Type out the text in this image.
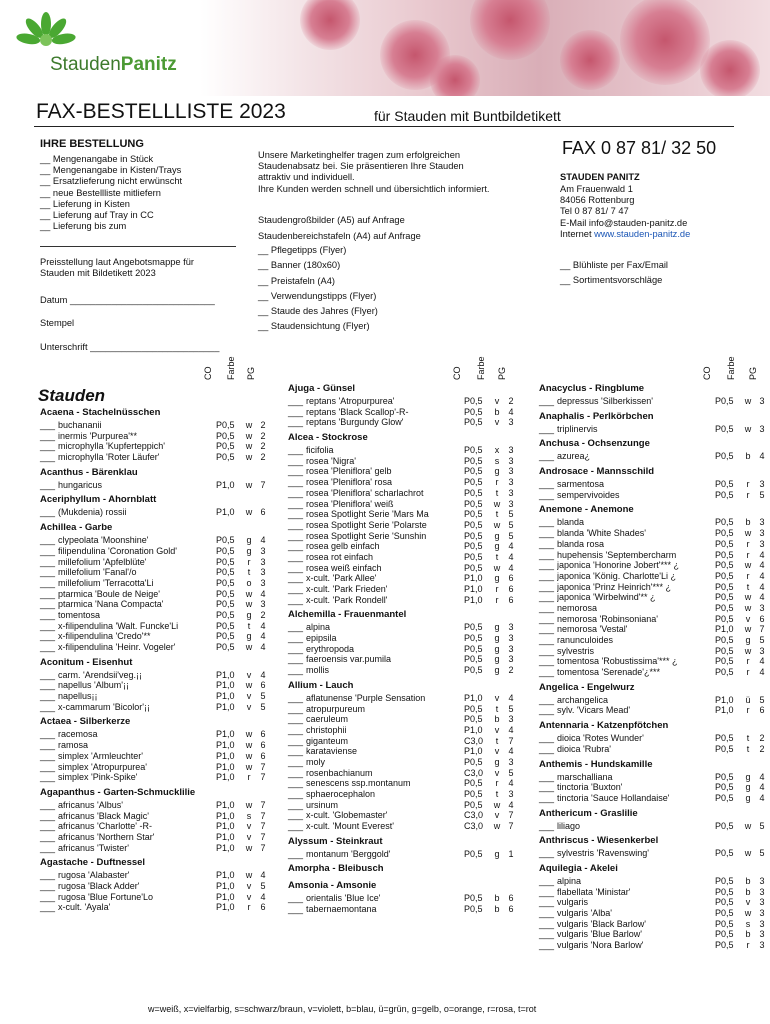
StaudenPanitz
FAX-BESTELLLISTE 2023	für Stauden mit Buntbildetikett
IHRE BESTELLUNG
__ Mengenangabe in Stück
__ Mengenangabe in Kisten/Trays
__ Ersatzlieferung nicht erwünscht
__ neue Bestellliste mitliefern
__ Lieferung in Kisten
__ Lieferung auf Tray in CC
__ Lieferung bis zum
Unsere Marketinghelfer tragen zum erfolgreichen
Staudenabsatz bei. Sie präsentieren Ihre Stauden
attraktiv und individuell.
Ihre Kunden werden schnell und übersichtlich informiert.
FAX 0 87 81/ 32 50
STAUDEN PANITZ
Am Frauenwald 1
84056 Rottenburg
Tel 0 87 81/ 7 47
E-Mail info@stauden-panitz.de
Internet www.stauden-panitz.de
Staudengroßbilder (A5) auf Anfrage
Staudenbereichstafeln (A4) auf Anfrage
__ Pflegetipps (Flyer)
__ Banner (180x60)
__ Preistafeln (A4)
__ Verwendungstipps (Flyer)
__ Staude des Jahres (Flyer)
__ Staudensichtung (Flyer)
__ Blühliste per Fax/Email
__ Sortimentsvorschläge
Preisstellung laut Angebotsmappe für
Stauden mit Bildetikett 2023
Datum ____________________________
Stempel
Unterschrift _________________________
CO Farbe PG	CO Farbe PG	CO Farbe PG
Stauden
Acaena - Stachelnüsschen
___ buchananii	P0,5	w 2
___ inermis 'Purpurea'**	P0,5	w 2
___ microphylla 'Kupferteppich'	P0,5	w 2
___ microphylla 'Roter Läufer'	P0,5	w 2
Acanthus - Bärenklau
___ hungaricus	P1,0	w 7
Aceriphyllum - Ahornblatt
___ (Mukdenia) rossii	P1,0	w 6
Achillea - Garbe
___ clypeolata 'Moonshine'	P0,5	g 4
___ filipendulina 'Coronation Gold'	P0,5	g 3
___ millefolium 'Apfelblüte'	P0,5	r	3
___ millefolium 'Fanal'/o	P0,5	t	3
___ millefolium 'Terracotta'Li	P0,5	o 3
___ ptarmica 'Boule de Neige'	P0,5	w 4
___ ptarmica 'Nana Compacta'	P0,5	w 3
___ tomentosa	P0,5	g 2
___ x-filipendulina 'Walt. Funcke'Li	P0,5	t	4
___ x-filipendulina 'Credo'**	P0,5	g 4
___ x-filipendulina 'Heinr. Vogeler'	P0,5	w 4
Aconitum - Eisenhut
___ carm. 'Arendsii'veg.¡¡	P1,0	v	4
___ napellus 'Album'¡¡	P1,0	w 6
___ napellus¡¡	P1,0	v	5
___ x-cammarum 'Bicolor'¡¡	P1,0	v	5
Actaea - Silberkerze
___ racemosa	P1,0	w 6
___ ramosa	P1,0	w 6
___ simplex 'Armleuchter'	P1,0	w 6
___ simplex 'Atropurpurea'	P1,0	w 7
___ simplex 'Pink-Spike'	P1,0	r	7
Agapanthus - Garten-Schmucklilie
___ africanus 'Albus'	P1,0	w 7
___ africanus 'Black Magic'	P1,0	s	7
___ africanus 'Charlotte' -R-	P1,0	v	7
___ africanus 'Northern Star'	P1,0	v	7
___ africanus 'Twister'	P1,0	w 7
Agastache - Duftnessel
___ rugosa 'Alabaster'	P1,0	w 4
___ rugosa 'Black Adder'	P1,0	v	5
___ rugosa 'Blue Fortune'Lo	P1,0	v	4
___ x-cult. 'Ayala'	P1,0	r	6
Ajuga - Günsel
___ reptans 'Atropurpurea'	P0,5	v	2
___ reptans 'Black Scallop'-R-	P0,5	b 4
___ reptans 'Burgundy Glow'	P0,5	v	3
Alcea - Stockrose
___ ficifolia	P0,5	x	3
___ rosea 'Nigra'	P0,5	s	3
___ rosea 'Pleniflora' gelb	P0,5	g 3
___ rosea 'Pleniflora' rosa	P0,5	r	3
___ rosea 'Pleniflora' scharlachrot	P0,5	t	3
___ rosea 'Pleniflora' weiß	P0,5	w 3
___ rosea Spotlight Serie 'Mars Ma	P0,5	t	5
___ rosea Spotlight Serie 'Polarste	P0,5	w 5
___ rosea Spotlight Serie 'Sunshin	P0,5	g 5
___ rosea gelb einfach	P0,5	g 4
___ rosea rot einfach	P0,5	t	4
___ rosea weiß einfach	P0,5	w 4
___ x-cult. 'Park Allee'	P1,0	g 6
___ x-cult. 'Park Frieden'	P1,0	r	6
___ x-cult. 'Park Rondell'	P1,0	r	6
Alchemilla - Frauenmantel
___ alpina	P0,5	g 3
___ epipsila	P0,5	g 3
___ erythropoda	P0,5	g 3
___ faeroensis var.pumila	P0,5	g 3
___ mollis	P0,5	g 2
Allium - Lauch
___ aflatunense 'Purple Sensation	P1,0	v	4
___ atropurpureum	P0,5	t	5
___ caeruleum	P0,5	b 3
___ christophii	P1,0	v	4
___ giganteum	C3,0	t	7
___ karataviense	P1,0	v	4
___ moly	P0,5	g 3
___ rosenbachianum	C3,0	v	5
___ senescens ssp.montanum	P0,5	r	4
___ sphaerocephalon	P0,5	t	3
___ ursinum	P0,5	w 4
___ x-cult. 'Globemaster'	C3,0	v	7
___ x-cult. 'Mount Everest'	C3,0	w 7
Alyssum - Steinkraut
___ montanum 'Berggold'	P0,5	g 1
Amorpha - Bleibusch
Amsonia - Amsonie
___ orientalis 'Blue Ice'	P0,5	b 6
___ tabernaemontana	P0,5	b 6
Anacyclus - Ringblume
___ depressus 'Silberkissen'	P0,5	w 3
Anaphalis - Perlkörbchen
___ triplinervis	P0,5	w 3
Anchusa - Ochsenzunge
___ azurea¿	P0,5	b 4
Androsace - Mannsschild
___ sarmentosa	P0,5	r	3
___ sempervivoides	P0,5	r	5
Anemone - Anemone
___ blanda	P0,5	b 3
___ blanda 'White Shades'	P0,5	w 3
___ blanda rosa	P0,5	r	3
___ hupehensis 'Septembercharm	P0,5	r	4
___ japonica 'Honorine Jobert'*** ¿	P0,5	w 4
___ japonica 'König. Charlotte'Li ¿	P0,5	r	4
___ japonica 'Prinz Heinrich'*** ¿	P0,5	t	4
___ japonica 'Wirbelwind'** ¿	P0,5	w 4
___ nemorosa	P0,5	w 3
___ nemorosa 'Robinsoniana'	P0,5	v	6
___ nemorosa 'Vestal'	P1,0	w 7
___ ranunculoides	P0,5	g 5
___ sylvestris	P0,5	w 3
___ tomentosa 'Robustissima'*** ¿	P0,5	r	4
___ tomentosa 'Serenade'¿***	P0,5	r	4
Angelica - Engelwurz
___ archangelica	P1,0	ü 5
___ sylv. 'Vicars Mead'	P1,0	r	6
Antennaria - Katzenpfötchen
___ dioica 'Rotes Wunder'	P0,5	t	2
___ dioica 'Rubra'	P0,5	t	2
Anthemis - Hundskamille
___ marschalliana	P0,5	g 4
___ tinctoria 'Buxton'	P0,5	g 4
___ tinctoria 'Sauce Hollandaise'	P0,5	g 4
Anthericum - Graslilie
___ liliago	P0,5	w 5
Anthriscus - Wiesenkerbel
___ sylvestris 'Ravenswing'	P0,5	w 5
Aquilegia - Akelei
___ alpina	P0,5	b 3
___ flabellata 'Ministar'	P0,5	b 3
___ vulgaris	P0,5	v	3
___ vulgaris 'Alba'	P0,5	w 3
___ vulgaris 'Black Barlow'	P0,5	s	3
___ vulgaris 'Blue Barlow'	P0,5	b 3
___ vulgaris 'Nora Barlow'	P0,5	r	3
w=weiß, x=vielfarbig, s=schwarz/braun, v=violett, b=blau, ü=grün, g=gelb, o=orange, r=rosa, t=rot
